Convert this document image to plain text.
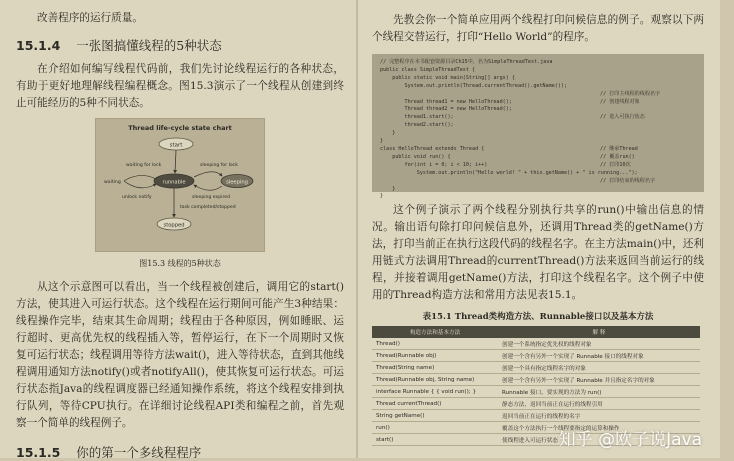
改善程序的运行质量。

15.1.4 一张图搞懂线程的5种状态

在介绍如何编写线程代码前，我们先讨论线程运行的各种状态，有助于更好地理解线程编程概念。图15.3演示了一个线程从创建到终止可能经历的5种不同状态。

Thread life-cycle state chart
start
runnable	sleeping
waiting for lock	sleeping for lock
waiting
unlock notify	sleeping expired
task completed/stopped
stopped
图15.3 线程的5种状态

从这个示意图可以看出，当一个线程被创建后，调用它的start()方法，使其进入可运行状态。这个线程在运行期间可能产生3种结果：线程操作完毕，结束其生命周期；线程由于各种原因，例如睡眠、运行超时、更高优先权的线程插入等，暂停运行，在下一个周期时又恢复可运行状态；线程调用等待方法wait()，进入等待状态，直到其他线程调用通知方法notify()或者notifyAll()，使其恢复可运行状态。可运行状态指Java的线程调度器已经通知操作系统，将这个线程安排到执行队列，等待CPU执行。在详细讨论线程API类和编程之前，首先观察一个简单的线程例子。

15.1.5 你的第一个多线程程序

先教会你一个简单应用两个线程打印问候信息的例子。观察以下两个线程交替运行，打印“Hello World”的程序。

// 完整程序在本书配套资源目录Ch15中，名为SimpleThreadTest.java
public class SimpleThreadTest {
public static void main(String[] args) {
System.out.println(Thread.currentThread().getName());
// 打印主线程的线程名字
Thread thread1 = new HelloThread();	// 创建线程对象
Thread thread2 = new HelloThread();
thread1.start();	// 进入可执行状态
thread2.start();
}
}
class HelloThread extends Thread {	// 继承Thread
public void run() {	// 覆盖run()
for(int i = 0; i < 10; i++)	// 打印10次
System.out.println("Hello world! " + this.getName() + " is running...");
// 打印结束的线程名字
}
}

这个例子演示了两个线程分别执行共享的run()中输出信息的情况。输出语句除打印问候信息外，还调用Thread类的getName()方法，打印当前正在执行这段代码的线程名字。在主方法main()中，还利用链式方法调用Thread的currentThread()方法来返回当前运行的线程，并接着调用getName()方法，打印这个线程名字。这个例子中使用的Thread构造方法和常用方法见表15.1。

表15.1 Thread类构造方法、Runnable接口以及基本方法
构造方法和基本方法	解 释
Thread()	创建一个系统指定优先权的线程对象
Thread(Runnable obj)	创建一个含有另外一个实现了 Runnable 接口的线程对象
Thread(String name)	创建一个具有指定线程名字的对象
Thread(Runnable obj, String name)	创建一个含有另外一个实现了 Runnable 并且指定名字的对象
interface Runnable { { void run(); }	Runnable 接口，要实现的方法为 run()
Thread currentThread()	静态方法，返回当前正在运行的线程引用
String getName()	返回当前正在运行的线程的名字
run()	覆盖这个方法执行一个线程要指定的运算和操作
start()	使线程进入可运行状态 知乎 @欧子说Java
